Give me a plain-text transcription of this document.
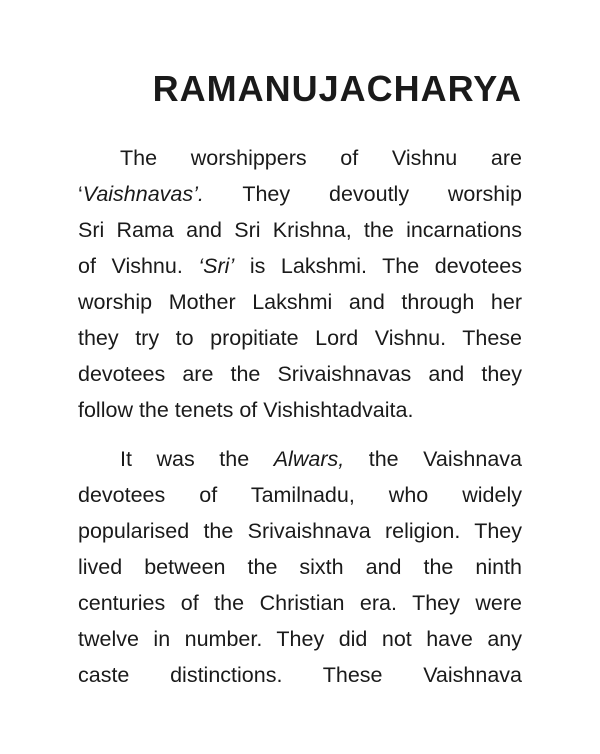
RAMANUJACHARYA

The worshippers of Vishnu are
‘Vaishnavas’. They devoutly worship
Sri Rama and Sri Krishna, the incarnations
of Vishnu. ‘Sri’ is Lakshmi. The devotees
worship Mother Lakshmi and through her
they try to propitiate Lord Vishnu. These
devotees are the Srivaishnavas and they
follow the tenets of Vishishtadvaita.

It was the Alwars, the Vaishnava
devotees of Tamilnadu, who widely
popularised the Srivaishnava religion. They
lived between the sixth and the ninth
centuries of the Christian era. They were
twelve in number. They did not have any
caste distinctions. These Vaishnava
